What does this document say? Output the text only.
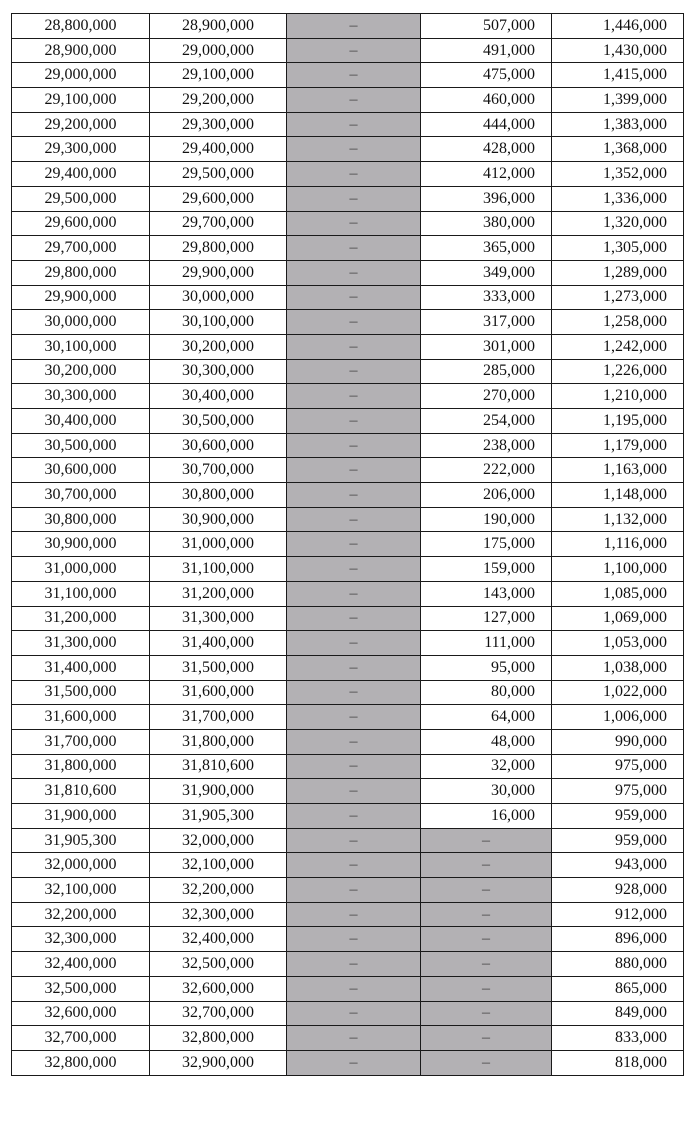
28,800,000	28,900,000	–	507,000	1,446,000
28,900,000	29,000,000	–	491,000	1,430,000
29,000,000	29,100,000	–	475,000	1,415,000
29,100,000	29,200,000	–	460,000	1,399,000
29,200,000	29,300,000	–	444,000	1,383,000
29,300,000	29,400,000	–	428,000	1,368,000
29,400,000	29,500,000	–	412,000	1,352,000
29,500,000	29,600,000	–	396,000	1,336,000
29,600,000	29,700,000	–	380,000	1,320,000
29,700,000	29,800,000	–	365,000	1,305,000
29,800,000	29,900,000	–	349,000	1,289,000
29,900,000	30,000,000	–	333,000	1,273,000
30,000,000	30,100,000	–	317,000	1,258,000
30,100,000	30,200,000	–	301,000	1,242,000
30,200,000	30,300,000	–	285,000	1,226,000
30,300,000	30,400,000	–	270,000	1,210,000
30,400,000	30,500,000	–	254,000	1,195,000
30,500,000	30,600,000	–	238,000	1,179,000
30,600,000	30,700,000	–	222,000	1,163,000
30,700,000	30,800,000	–	206,000	1,148,000
30,800,000	30,900,000	–	190,000	1,132,000
30,900,000	31,000,000	–	175,000	1,116,000
31,000,000	31,100,000	–	159,000	1,100,000
31,100,000	31,200,000	–	143,000	1,085,000
31,200,000	31,300,000	–	127,000	1,069,000
31,300,000	31,400,000	–	111,000	1,053,000
31,400,000	31,500,000	–	95,000	1,038,000
31,500,000	31,600,000	–	80,000	1,022,000
31,600,000	31,700,000	–	64,000	1,006,000
31,700,000	31,800,000	–	48,000	990,000
31,800,000	31,810,600	–	32,000	975,000
31,810,600	31,900,000	–	30,000	975,000
31,900,000	31,905,300	–	16,000	959,000
31,905,300	32,000,000	–	–	959,000
32,000,000	32,100,000	–	–	943,000
32,100,000	32,200,000	–	–	928,000
32,200,000	32,300,000	–	–	912,000
32,300,000	32,400,000	–	–	896,000
32,400,000	32,500,000	–	–	880,000
32,500,000	32,600,000	–	–	865,000
32,600,000	32,700,000	–	–	849,000
32,700,000	32,800,000	–	–	833,000
32,800,000	32,900,000	–	–	818,000
